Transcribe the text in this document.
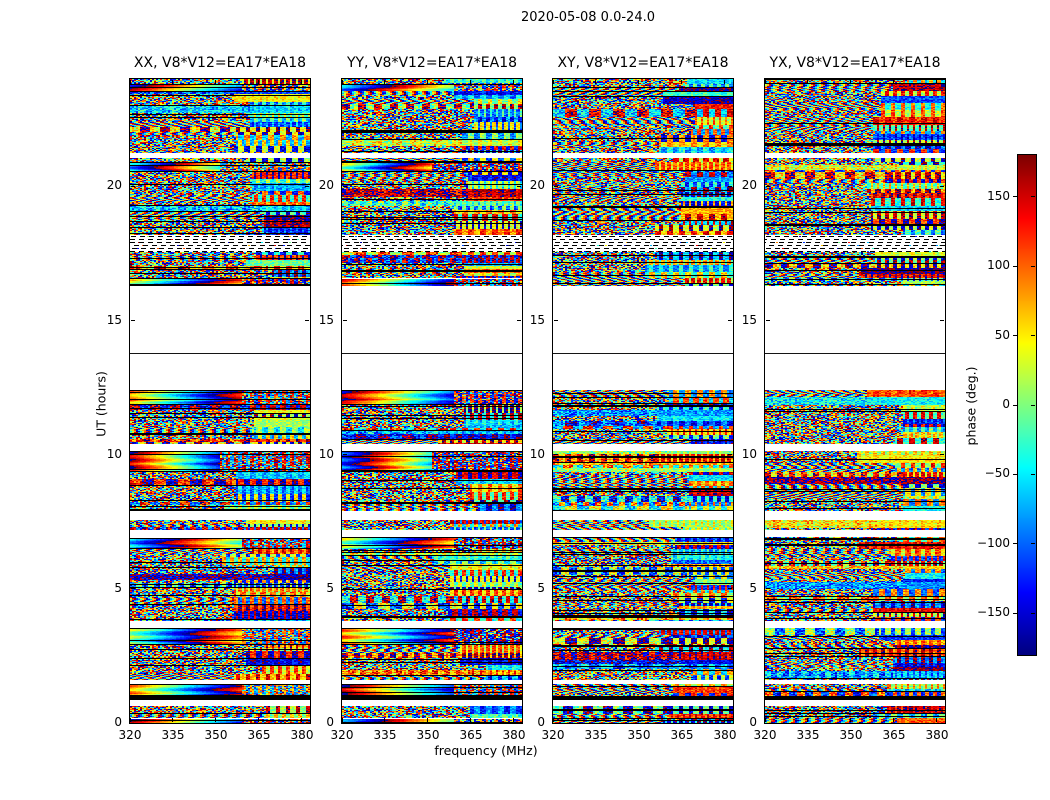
2020-05-08 0.0-24.0
UT (hours)
frequency (MHz)
XX, V8*V12=EA17*EA18
0
5
10
15
20
320	335	350	365	380
YY, V8*V12=EA17*EA18
0
5
10
15
20
320	335	350	365	380
XY, V8*V12=EA17*EA18
0
5
10
15
20
320	335	350	365	380
YX, V8*V12=EA17*EA18
0
5
10
15
20
320	335	350	365	380
phase (deg.)
150
100
50
0
−50
−100
−150
